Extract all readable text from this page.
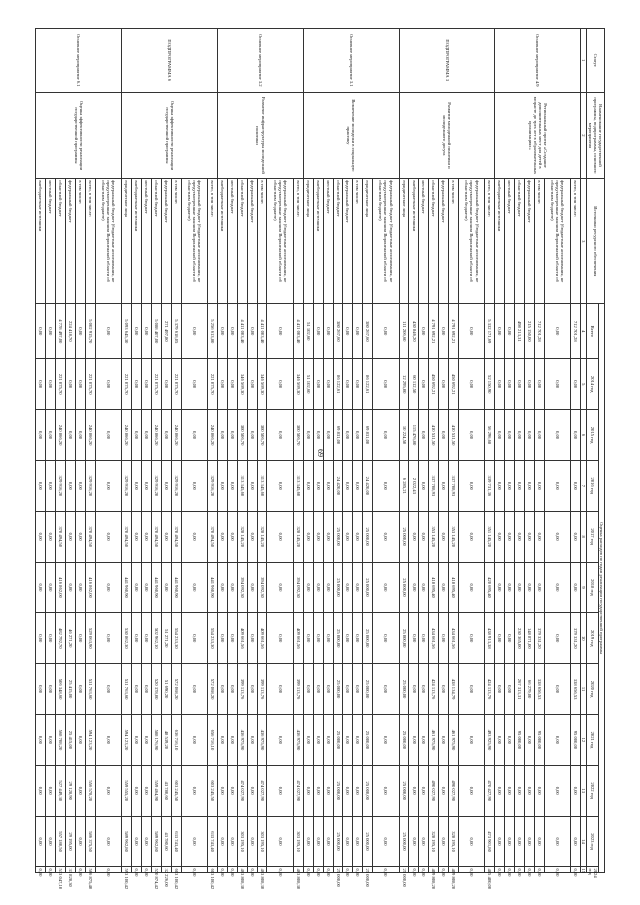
69
Статус	Наименование государственной программы, подпрограммы, основного мероприятия	Источники ресурсного обеспечения	Оценка расходов по годам реализации государственной программы											
			Всего	2014 год	2015 год	2016 год	2017 год	2018 год	2019 год	2020 год	2021 год	2022 год	2023 год	2024 год
1	2	3	4	5	6	7	8	9	10	11	12	13	14	15
Основное мероприятие 4.9	Региональный проект «Создание дополнительных мест для детей в возрасте до трех лет в образовательных организациях»	всего, в том числе:	712 701,28	0,00	0,00	0,00	0,00	0,00	379 331,20	338 656,53	95 000,00	0,00	0,00	0,00
		федеральный бюджет (бюджетные ассигнования, не предусмотренные законом Воронежской области об областном бюджете)	0,00	0,00	0,00	0,00	0,00	0,00	0,00	0,00	0,00	0,00	0,00	0,00
		в том числе:	712 701,28	0,00	0,00	0,00	0,00	0,00	379 331,20	338 656,53	95 000,00	0,00	0,00	0,00
		федеральный бюджет	215 150,00	0,00	0,00	0,00	0,00	0,00	148 871,00	66 279,00	0,00	0,00	0,00	0,00
		областной бюджет	498 213,31	0,00	0,00	0,00	0,00	0,00	230 365,00	267 313,31	95 000,00	0,00	0,00	0,00
		местный бюджет	0,00	0,00	0,00	0,00	0,00	0,00	0,00	0,00	0,00	0,00	0,00	0,00
		внебюджетные источники	0,00	0,00	0,00	0,00	0,00	0,00	0,00	0,00	0,00	0,00	0,00	0,00
ПОДПРОГРАММА 3	Развитие молодежной политики и молодежного досуга	всего, в том числе:	5 332 171,69	52 150,90	56 296,68	339 731,36	351 145,20	420 695,40	438 913,38	424 113,76	493 925,90	470 427,90	473 901,80	485 400,00
		федеральный бюджет (бюджетные ассигнования, не предусмотренные законом Воронежской области об областном бюджете)	0,00	0,00	0,00	0,00	0,00	0,00	0,00	0,00	0,00	0,00	0,00	0,00
		в том числе:	4 791 692,21	450 692,21	410 531,50	337 708,93	353 145,20	418 695,40	434 661,56	438 134,79	461 975,90	490 027,90	328 195,10	409 808,20
		федеральный бюджет	0,00	0,00	0,00	0,00	0,00	0,00	0,00	0,00	0,00	0,00	0,00	0,00
		областной бюджет	4 791 692,21	450 692,21	410 531,50	337 708,93	353 145,20	418 695,40	434 661,56	424 113,76	461 975,90	490 027,90	328 195,10	409 808,20
		местный бюджет	0,00	0,00	0,00	0,00	0,00	0,00	0,00	0,00	0,00	0,00	0,00	0,00
		внебюджетные источники	430 846,20	60 112,50	115 476,80	2 022,43	0,00	0,00	0,00	0,00	0,00	0,00	0,00	0,00
		юридические лица	111 206,60	12 295,00	10 224,50	6 285,21	25 000,00	25 000,00	25 000,00	25 000,00	25 000,00	25 000,00	25 000,00	25 000,00
Основное мероприятие 3.1	Вовлечение молодежи в социальную практику	федеральный бюджет (бюджетные ассигнования, не предусмотренные законом Воронежской области об областном бюджете)	0,00	0,00	0,00	0,00	0,00	0,00	0,00	0,00	0,00	0,00	0,00	0,00
		юридические лица	380 267,60	86 122,61	69 831,00	24 420,00	25 000,00	25 000,00	25 000,00	25 000,00	25 000,00	25 000,00	25 000,00	25 000,00
		в том числе:	0,00	0,00	0,00	0,00	0,00	0,00	0,00	0,00	0,00	0,00	0,00	0,00
		федеральный бюджет	0,00	0,00	0,00	0,00	0,00	0,00	0,00	0,00	0,00	0,00	0,00	0,00
		областной бюджет	380 267,60	86 122,61	69 831,00	24 420,00	25 000,00	25 000,00	25 000,00	25 000,00	25 000,00	25 000,00	25 000,00	25 000,00
		местный бюджет	0,00	0,00	0,00	0,00	0,00	0,00	0,00	0,00	0,00	0,00	0,00	0,00
		внебюджетные источники	0,00	0,00	0,00	0,00	0,00	0,00	0,00	0,00	0,00	0,00	0,00	0,00
		юридические лица	51 102,60	51 102,60	0,00	0,00	0,00	0,00	0,00	0,00	0,00	0,00	0,00	0,00
Основное мероприятие 3.2	Развитие инфраструктуры молодежной политики	всего, в том числе:	4 411 003,40	346 569,30	300 506,70	313 345,60	328 145,20	394 092,30	409 661,56	399 113,76	436 975,90	474 027,90	303 195,10	463 808,30
		федеральный бюджет (бюджетные ассигнования, не предусмотренные законом Воронежской области об областном бюджете)	0,00	0,00	0,00	0,00	0,00	0,00	0,00	0,00	0,00	0,00	0,00	0,00
		в том числе:	4 411 003,40	346 569,30	300 506,70	313 345,60	328 145,20	394 092,30	409 661,56	399 113,76	436 975,90	474 027,90	303 195,10	463 808,30
		федеральный бюджет	0,00	0,00	0,00	0,00	0,00	0,00	0,00	0,00	0,00	0,00	0,00	0,00
		областной бюджет	4 411 003,40	346 569,30	300 506,70	313 345,60	328 145,20	394 092,30	409 661,56	399 113,76	436 975,90	474 027,90	303 195,10	463 808,30
		местный бюджет	0,00	0,00	0,00	0,00	0,00	0,00	0,00	0,00	0,00	0,00	0,00	0,00
		внебюджетные источники	0,00	0,00	0,00	0,00	0,00	0,00	0,00	0,00	0,00	0,00	0,00	0,00
ПОДПРОГРАММА 6	Оценка эффективности реализации государственной программы	всего, в том числе:	5 256 613,80	221 075,70	240 866,20	329 916,20	370 494,50	441 960,90	554 233,30	572 068,20	656 716,10	603 245,50	633 743,40	603 100,42
		федеральный бюджет (бюджетные ассигнования, не предусмотренные законом Воронежской области об областном бюджете)	0,00	0,00	0,00	0,00	0,00	0,00	0,00	0,00	0,00	0,00	0,00	0,00
		в том числе:	5 379 618,05	221 075,70	240 866,20	329 916,20	370 494,50	441 960,90	554 233,30	572 068,20	636 716,10	603 245,50	633 743,40	603 100,42
		федеральный бюджет	271 497,80	0,00	0,00	0,00	0,00	0,00	51 271,20	51 690,20	48 539,20	43 780,60	43 780,60	32 226,00
		областной бюджет	5 088 407,00	221 075,70	240 866,20	329 916,20	370 494,50	441 960,90	502 962,10	520 378,00	588 176,90	559 464,90	589 962,80	570 874,42
		местный бюджет	0,00	0,00	0,00	0,00	0,00	0,00	0,00	0,00	0,00	0,00	0,00	0,00
		внебюджетные источники	0,00	0,00	0,00	0,00	0,00	0,00	0,00	0,00	0,00	0,00	0,00	0,00
		юридические лица	5 093 645,30	221 075,70	240 866,20	329 916,20	370 494,50	441 960,90	530 862,30	531 763,60	594 123,20	559 555,20	589 962,80	593 100,42
Основное мероприятие 6.1	Оценка эффективности реализации государственной программы	федеральный бюджет (бюджетные ассигнования, не предусмотренные законом Воронежской области об областном бюджете)	0,00	0,00	0,00	0,00	0,00	0,00	0,00	0,00	0,00	0,00	0,00	0,00
		всего, в том числе:	5 002 915,70	221 075,70	240 866,20	329 916,20	370 494,50	416 862,00	529 063,90	531 763,60	594 123,20	556 578,20	586 375,50	566 875,40
		в том числе:	0,00	0,00	0,00	0,00	0,00	0,00	0,00	0,00	0,00	0,00	0,00	0,00
		федеральный бюджет	224 418,70	0,00	0,00	0,00	0,00	0,00	46 271,20	25 415,00	25 415,00	29 128,90	29 195,00	33 828,30
		областной бюджет	4 778 497,00	221 075,70	240 866,20	329 916,20	370 494,50	416 862,00	482 792,70	506 348,60	568 708,20	527 449,30	557 180,50	533 047,10
		местный бюджет	0,00	0,00	0,00	0,00	0,00	0,00	0,00	0,00	0,00	0,00	0,00	0,00
		внебюджетные источники	0,00	0,00	0,00	0,00	0,00	0,00	0,00	0,00	0,00	0,00	0,00	0,00
